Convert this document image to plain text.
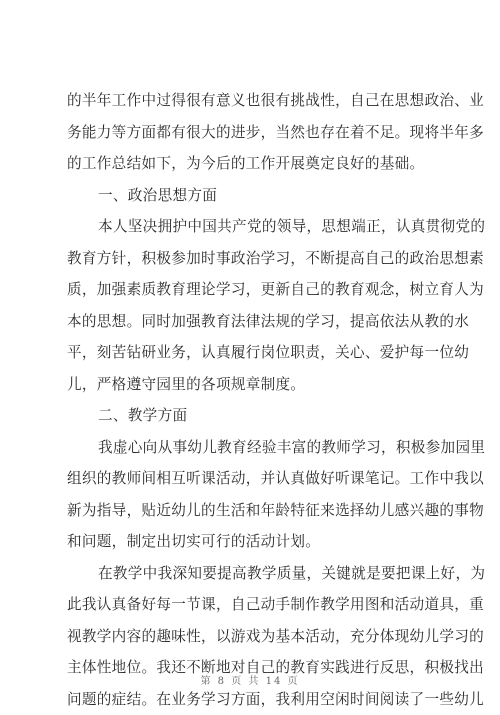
的半年工作中过得很有意义也很有挑战性，自己在思想政治、业
务能力等方面都有很大的进步，当然也存在着不足。现将半年多
的工作总结如下，为今后的工作开展奠定良好的基础。
一、政治思想方面
本人坚决拥护中国共产党的领导，思想端正，认真贯彻党的
教育方针，积极参加时事政治学习，不断提高自己的政治思想素
质，加强素质教育理论学习，更新自己的教育观念，树立育人为
本的思想。同时加强教育法律法规的学习，提高依法从教的水
平，刻苦钻研业务，认真履行岗位职责，关心、爱护每一位幼
儿，严格遵守园里的各项规章制度。
二、教学方面
我虚心向从事幼儿教育经验丰富的教师学习，积极参加园里
组织的教师间相互听课活动，并认真做好听课笔记。工作中我以
新为指导，贴近幼儿的生活和年龄特征来选择幼儿感兴趣的事物
和问题，制定出切实可行的活动计划。
在教学中我深知要提高教学质量，关键就是要把课上好，为
此我认真备好每一节课，自己动手制作教学用图和活动道具，重
视教学内容的趣味性，以游戏为基本活动，充分体现幼儿学习的
主体性地位。我还不断地对自己的教育实践进行反思，积极找出
问题的症结。在业务学习方面，我利用空闲时间阅读了一些幼儿
第 8 页 共 14 页
